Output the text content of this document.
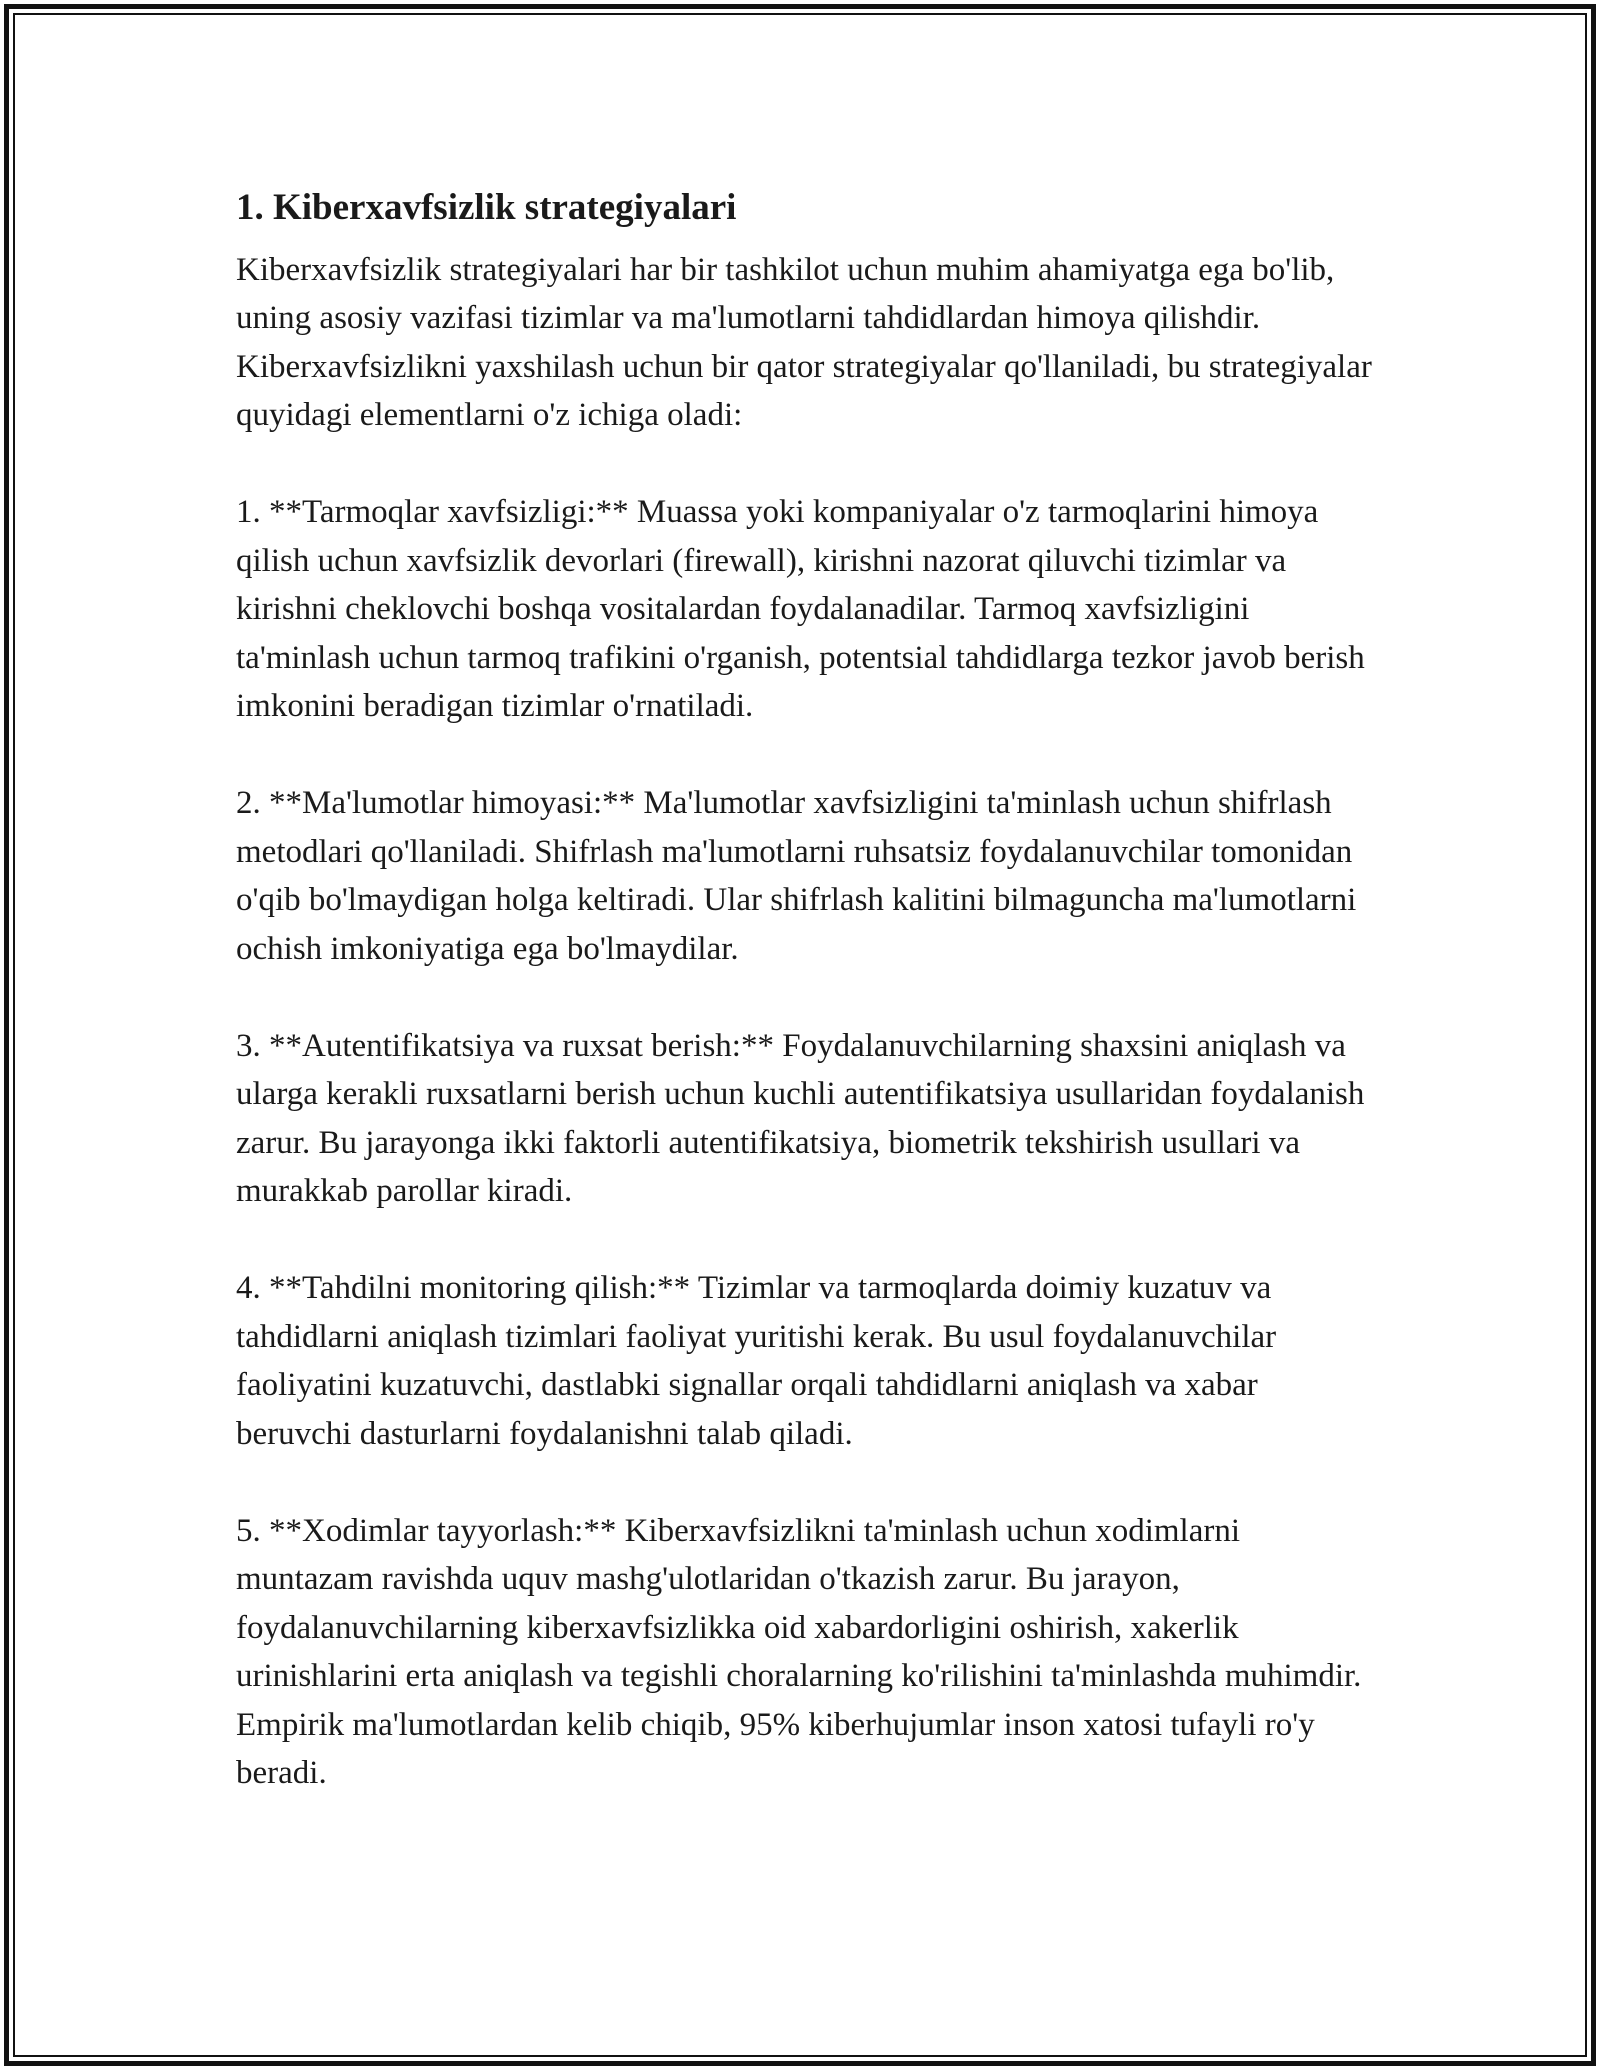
1. Kiberxavfsizlik strategiyalari

Kiberxavfsizlik strategiyalari har bir tashkilot uchun muhim ahamiyatga ega bo'lib, uning asosiy vazifasi tizimlar va ma'lumotlarni tahdidlardan himoya qilishdir. Kiberxavfsizlikni yaxshilash uchun bir qator strategiyalar qo'llaniladi, bu strategiyalar quyidagi elementlarni o'z ichiga oladi:

1. **Tarmoqlar xavfsizligi:** Muassa yoki kompaniyalar o'z tarmoqlarini himoya qilish uchun xavfsizlik devorlari (firewall), kirishni nazorat qiluvchi tizimlar va kirishni cheklovchi boshqa vositalardan foydalanadilar. Tarmoq xavfsizligini ta'minlash uchun tarmoq trafikini o'rganish, potentsial tahdidlarga tezkor javob berish imkonini beradigan tizimlar o'rnatiladi.

2. **Ma'lumotlar himoyasi:** Ma'lumotlar xavfsizligini ta'minlash uchun shifrlash metodlari qo'llaniladi. Shifrlash ma'lumotlarni ruhsatsiz foydalanuvchilar tomonidan o'qib bo'lmaydigan holga keltiradi. Ular shifrlash kalitini bilmaguncha ma'lumotlarni ochish imkoniyatiga ega bo'lmaydilar.

3. **Autentifikatsiya va ruxsat berish:** Foydalanuvchilarning shaxsini aniqlash va ularga kerakli ruxsatlarni berish uchun kuchli autentifikatsiya usullaridan foydalanish zarur. Bu jarayonga ikki faktorli autentifikatsiya, biometrik tekshirish usullari va murakkab parollar kiradi.

4. **Tahdilni monitoring qilish:** Tizimlar va tarmoqlarda doimiy kuzatuv va tahdidlarni aniqlash tizimlari faoliyat yuritishi kerak. Bu usul foydalanuvchilar faoliyatini kuzatuvchi, dastlabki signallar orqali tahdidlarni aniqlash va xabar beruvchi dasturlarni foydalanishni talab qiladi.

5. **Xodimlar tayyorlash:** Kiberxavfsizlikni ta'minlash uchun xodimlarni muntazam ravishda uquv mashg'ulotlaridan o'tkazish zarur. Bu jarayon, foydalanuvchilarning kiberxavfsizlikka oid xabardorligini oshirish, xakerlik urinishlarini erta aniqlash va tegishli choralarning ko'rilishini ta'minlashda muhimdir. Empirik ma'lumotlardan kelib chiqib, 95% kiberhujumlar inson xatosi tufayli ro'y beradi.
